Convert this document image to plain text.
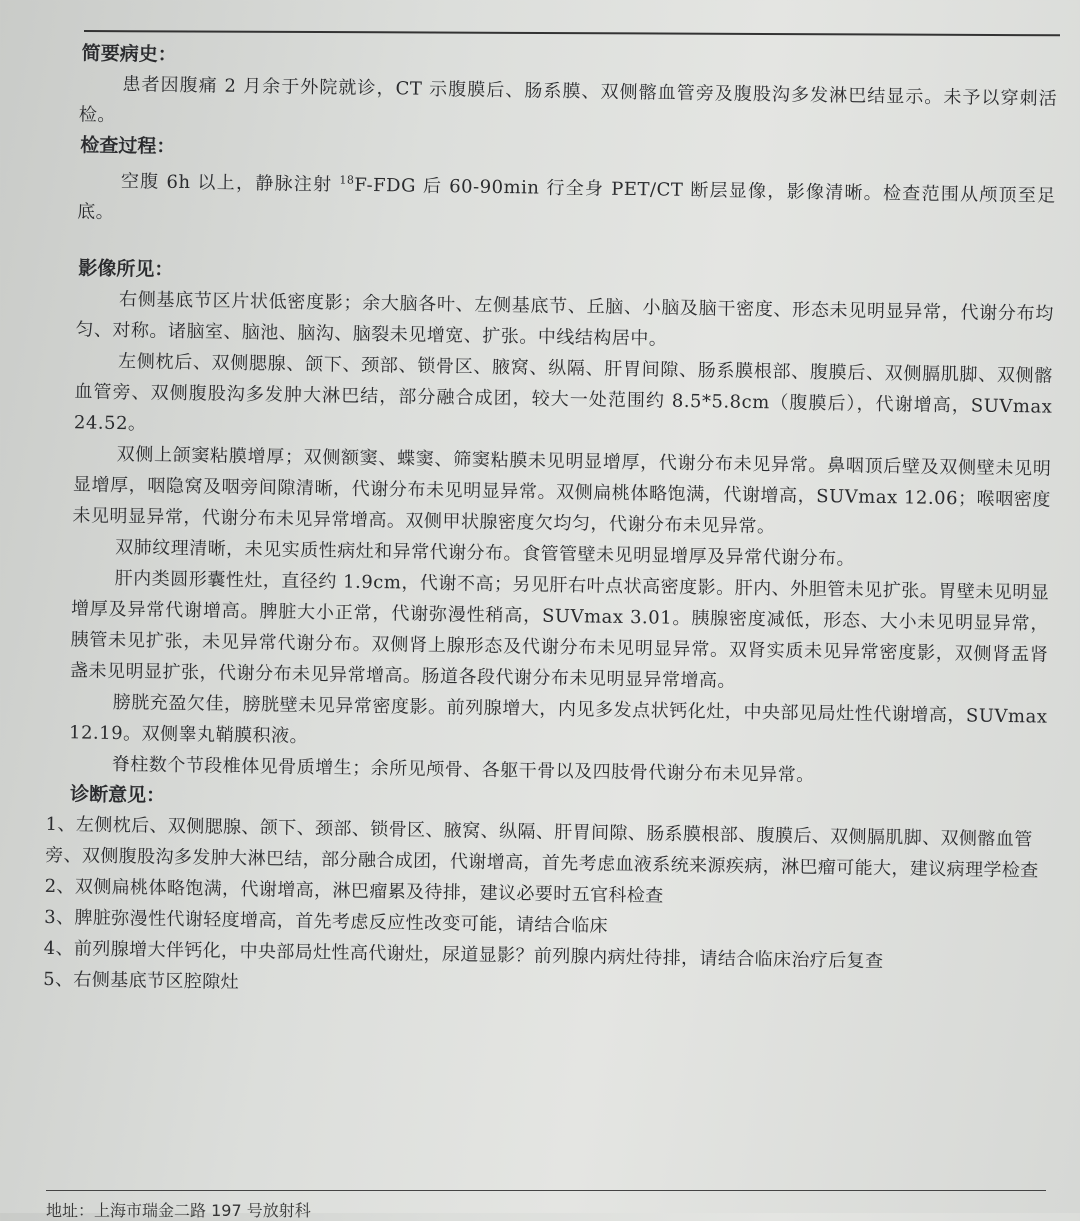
简要病史：

患者因腹痛 2 月余于外院就诊，CT 示腹膜后、肠系膜、双侧髂血管旁及腹股沟多发淋巴结显示。未予以穿刺活检。

检查过程：

空腹 6h 以上，静脉注射 $^{18}$F-FDG 后 60-90min 行全身 PET/CT 断层显像，影像清晰。检查范围从颅顶至足底。

影像所见：

右侧基底节区片状低密度影；余大脑各叶、左侧基底节、丘脑、小脑及脑干密度、形态未见明显异常，代谢分布均匀、对称。诸脑室、脑池、脑沟、脑裂未见增宽、扩张。中线结构居中。

左侧枕后、双侧腮腺、颌下、颈部、锁骨区、腋窝、纵隔、肝胃间隙、肠系膜根部、腹膜后、双侧膈肌脚、双侧髂血管旁、双侧腹股沟多发肿大淋巴结，部分融合成团，较大一处范围约 8.5*5.8cm（腹膜后），代谢增高，SUVmax 24.52。

双侧上颌窦粘膜增厚；双侧额窦、蝶窦、筛窦粘膜未见明显增厚，代谢分布未见异常。鼻咽顶后壁及双侧壁未见明显增厚，咽隐窝及咽旁间隙清晰，代谢分布未见明显异常。双侧扁桃体略饱满，代谢增高，SUVmax 12.06；喉咽密度未见明显异常，代谢分布未见异常增高。双侧甲状腺密度欠均匀，代谢分布未见异常。

双肺纹理清晰，未见实质性病灶和异常代谢分布。食管管壁未见明显增厚及异常代谢分布。

肝内类圆形囊性灶，直径约 1.9cm，代谢不高；另见肝右叶点状高密度影。肝内、外胆管未见扩张。胃壁未见明显增厚及异常代谢增高。脾脏大小正常，代谢弥漫性稍高，SUVmax 3.01。胰腺密度减低，形态、大小未见明显异常，胰管未见扩张，未见异常代谢分布。双侧肾上腺形态及代谢分布未见明显异常。双肾实质未见异常密度影，双侧肾盂肾盏未见明显扩张，代谢分布未见异常增高。肠道各段代谢分布未见明显异常增高。

膀胱充盈欠佳，膀胱壁未见异常密度影。前列腺增大，内见多发点状钙化灶，中央部见局灶性代谢增高，SUVmax 12.19。双侧睾丸鞘膜积液。

脊柱数个节段椎体见骨质增生；余所见颅骨、各躯干骨以及四肢骨代谢分布未见异常。

诊断意见：

1、左侧枕后、双侧腮腺、颌下、颈部、锁骨区、腋窝、纵隔、肝胃间隙、肠系膜根部、腹膜后、双侧膈肌脚、双侧髂血管旁、双侧腹股沟多发肿大淋巴结，部分融合成团，代谢增高，首先考虑血液系统来源疾病，淋巴瘤可能大，建议病理学检查

2、双侧扁桃体略饱满，代谢增高，淋巴瘤累及待排，建议必要时五官科检查

3、脾脏弥漫性代谢轻度增高，首先考虑反应性改变可能，请结合临床

4、前列腺增大伴钙化，中央部局灶性高代谢灶，尿道显影？前列腺内病灶待排，请结合临床治疗后复查

5、右侧基底节区腔隙灶

地址：上海市瑞金二路 197 号放射科
